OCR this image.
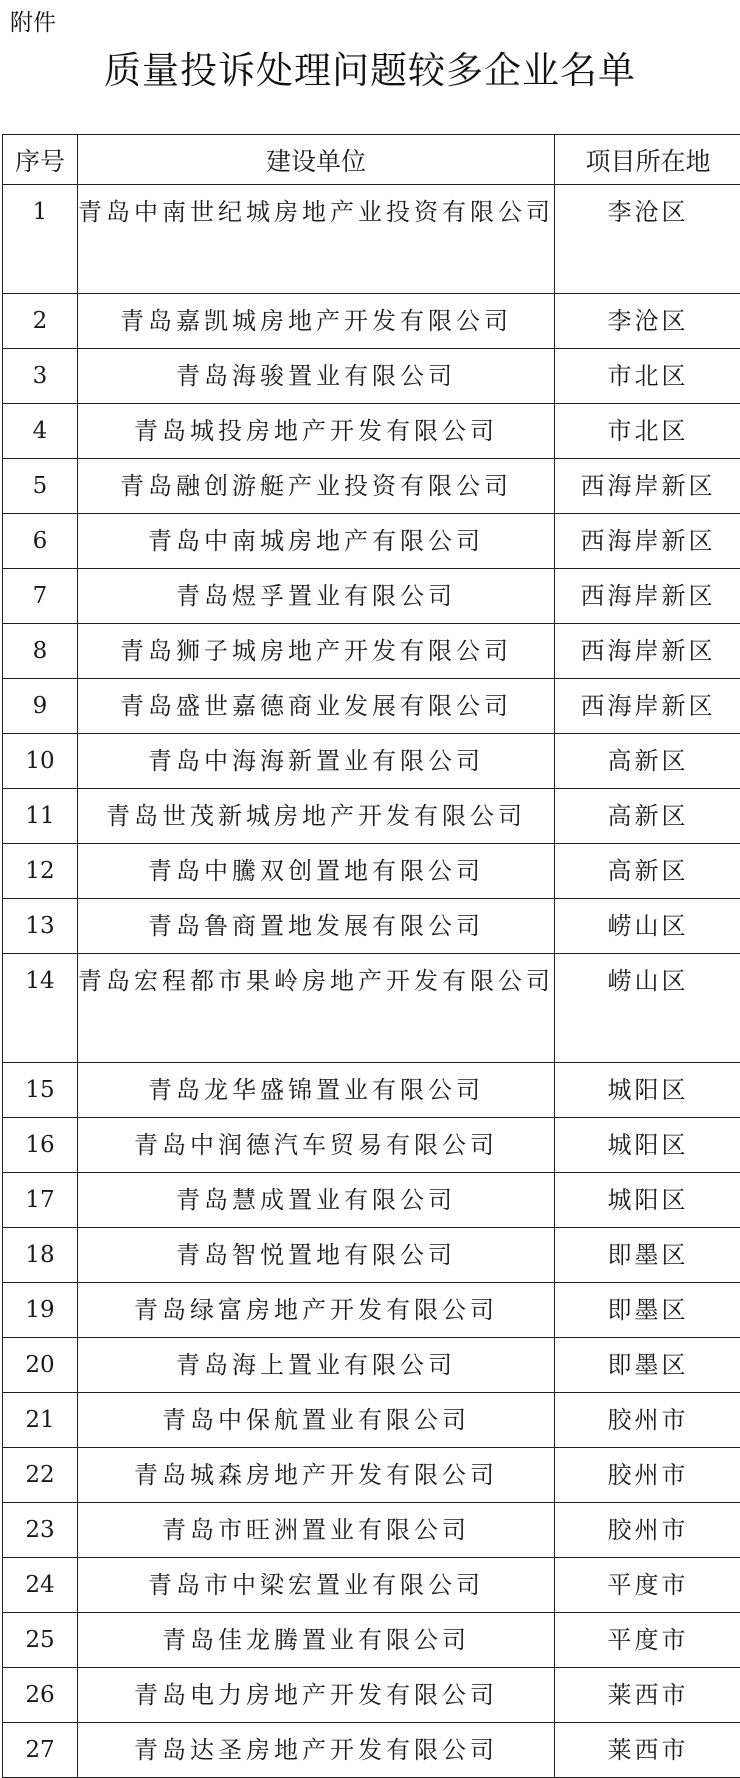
附件
质量投诉处理问题较多企业名单
序号	建设单位	项目所在地
1	青岛中南世纪城房地产业投资有限公司	李沧区
2	青岛嘉凯城房地产开发有限公司	李沧区
3	青岛海骏置业有限公司	市北区
4	青岛城投房地产开发有限公司	市北区
5	青岛融创游艇产业投资有限公司	西海岸新区
6	青岛中南城房地产有限公司	西海岸新区
7	青岛煜孚置业有限公司	西海岸新区
8	青岛狮子城房地产开发有限公司	西海岸新区
9	青岛盛世嘉德商业发展有限公司	西海岸新区
10	青岛中海海新置业有限公司	高新区
11	青岛世茂新城房地产开发有限公司	高新区
12	青岛中騰双创置地有限公司	高新区
13	青岛鲁商置地发展有限公司	崂山区
14	青岛宏程都市果岭房地产开发有限公司	崂山区
15	青岛龙华盛锦置业有限公司	城阳区
16	青岛中润德汽车贸易有限公司	城阳区
17	青岛慧成置业有限公司	城阳区
18	青岛智悦置地有限公司	即墨区
19	青岛绿富房地产开发有限公司	即墨区
20	青岛海上置业有限公司	即墨区
21	青岛中保航置业有限公司	胶州市
22	青岛城森房地产开发有限公司	胶州市
23	青岛市旺洲置业有限公司	胶州市
24	青岛市中梁宏置业有限公司	平度市
25	青岛佳龙腾置业有限公司	平度市
26	青岛电力房地产开发有限公司	莱西市
27	青岛达圣房地产开发有限公司	莱西市
